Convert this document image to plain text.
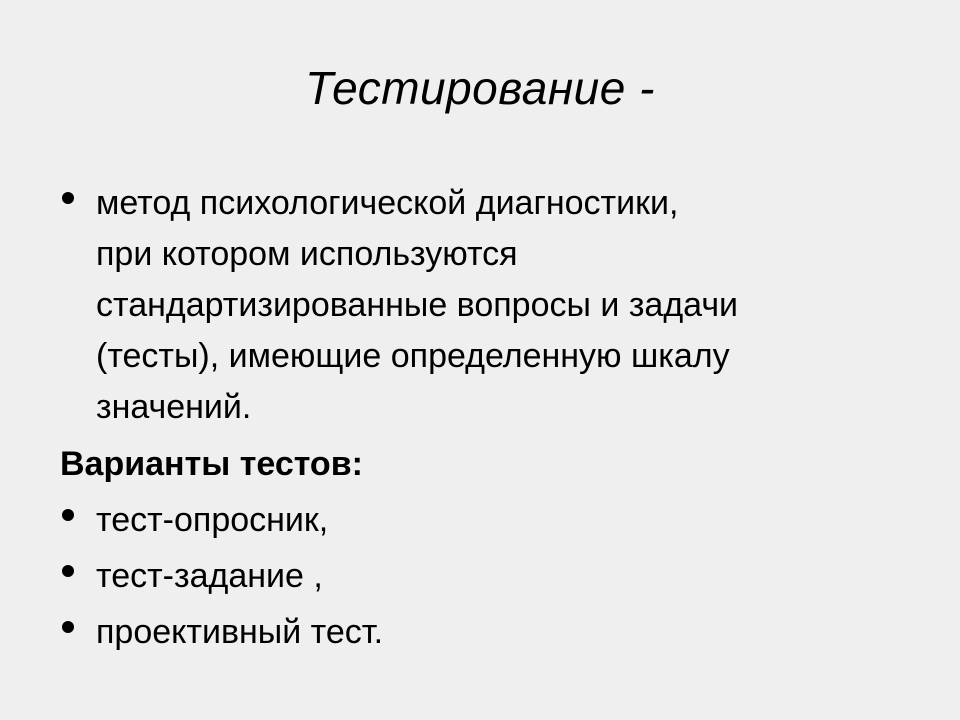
Тестирование -
метод психологической диагностики,
при котором используются
стандартизированные вопросы и задачи
(тесты), имеющие определенную шкалу
значений.
Варианты тестов:
тест-опросник,
тест-задание ,
проективный тест.
